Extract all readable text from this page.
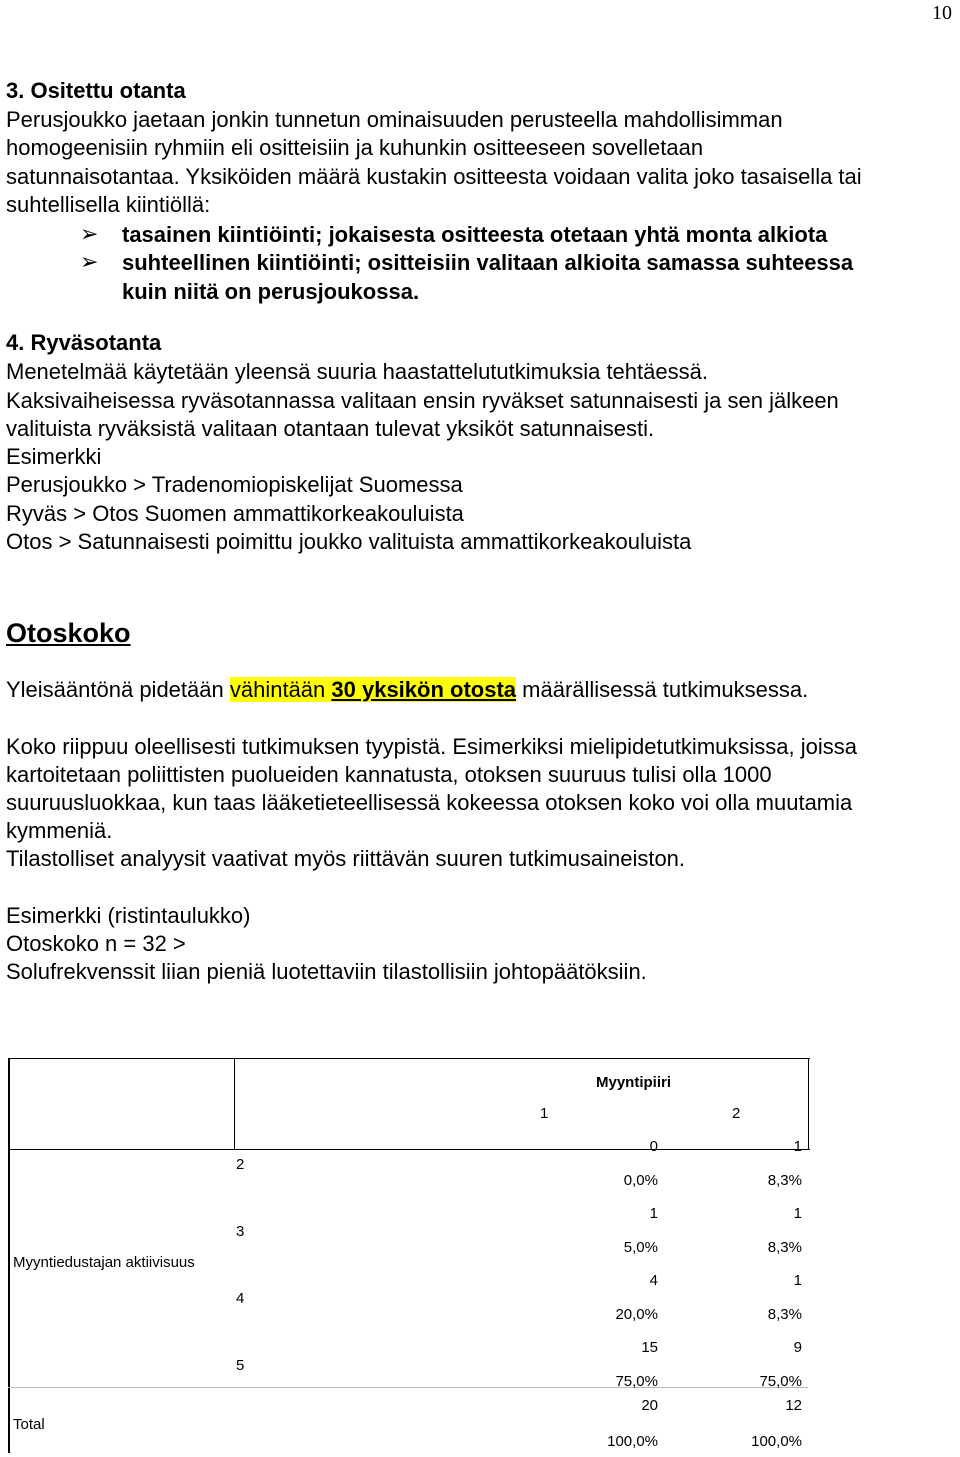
10
3. Ositettu otanta
Perusjoukko jaetaan jonkin tunnetun ominaisuuden perusteella mahdollisimman
homogeenisiin ryhmiin eli ositteisiin ja kuhunkin ositteeseen sovelletaan
satunnaisotantaa. Yksiköiden määrä kustakin ositteesta voidaan valita joko tasaisella tai
suhtellisella kiintiöllä:
➢ tasainen kiintiöinti; jokaisesta ositteesta otetaan yhtä monta alkiota
➢ suhteellinen kiintiöinti; ositteisiin valitaan alkioita samassa suhteessa
kuin niitä on perusjoukossa.
4. Ryväsotanta
Menetelmää käytetään yleensä suuria haastattelututkimuksia tehtäessä.
Kaksivaiheisessa ryväsotannassa valitaan ensin ryväkset satunnaisesti ja sen jälkeen
valituista ryväksistä valitaan otantaan tulevat yksiköt satunnaisesti.
Esimerkki
Perusjoukko > Tradenomiopiskelijat Suomessa
Ryväs > Otos Suomen ammattikorkeakouluista
Otos > Satunnaisesti poimittu joukko valituista ammattikorkeakouluista
Otoskoko
Yleisääntönä pidetään vähintään 30 yksikön otosta määrällisessä tutkimuksessa.
Koko riippuu oleellisesti tutkimuksen tyypistä. Esimerkiksi mielipidetutkimuksissa, joissa
kartoitetaan poliittisten puolueiden kannatusta, otoksen suuruus tulisi olla 1000
suuruusluokkaa, kun taas lääketieteellisessä kokeessa otoksen koko voi olla muutamia
kymmeniä.
Tilastolliset analyysit vaativat myös riittävän suuren tutkimusaineiston.
Esimerkki (ristintaulukko)
Otoskoko n = 32 >
Solufrekvenssit liian pieniä luotettaviin tilastollisiin johtopäätöksiin.
Myyntipiiri
1	2
Myyntiedustajan aktiivisuus
2
3
4
5
Total
0
0,0%
1
5,0%
4
20,0%
15
75,0%
20
100,0%
1
8,3%
1
8,3%
1
8,3%
9
75,0%
12
100,0%
